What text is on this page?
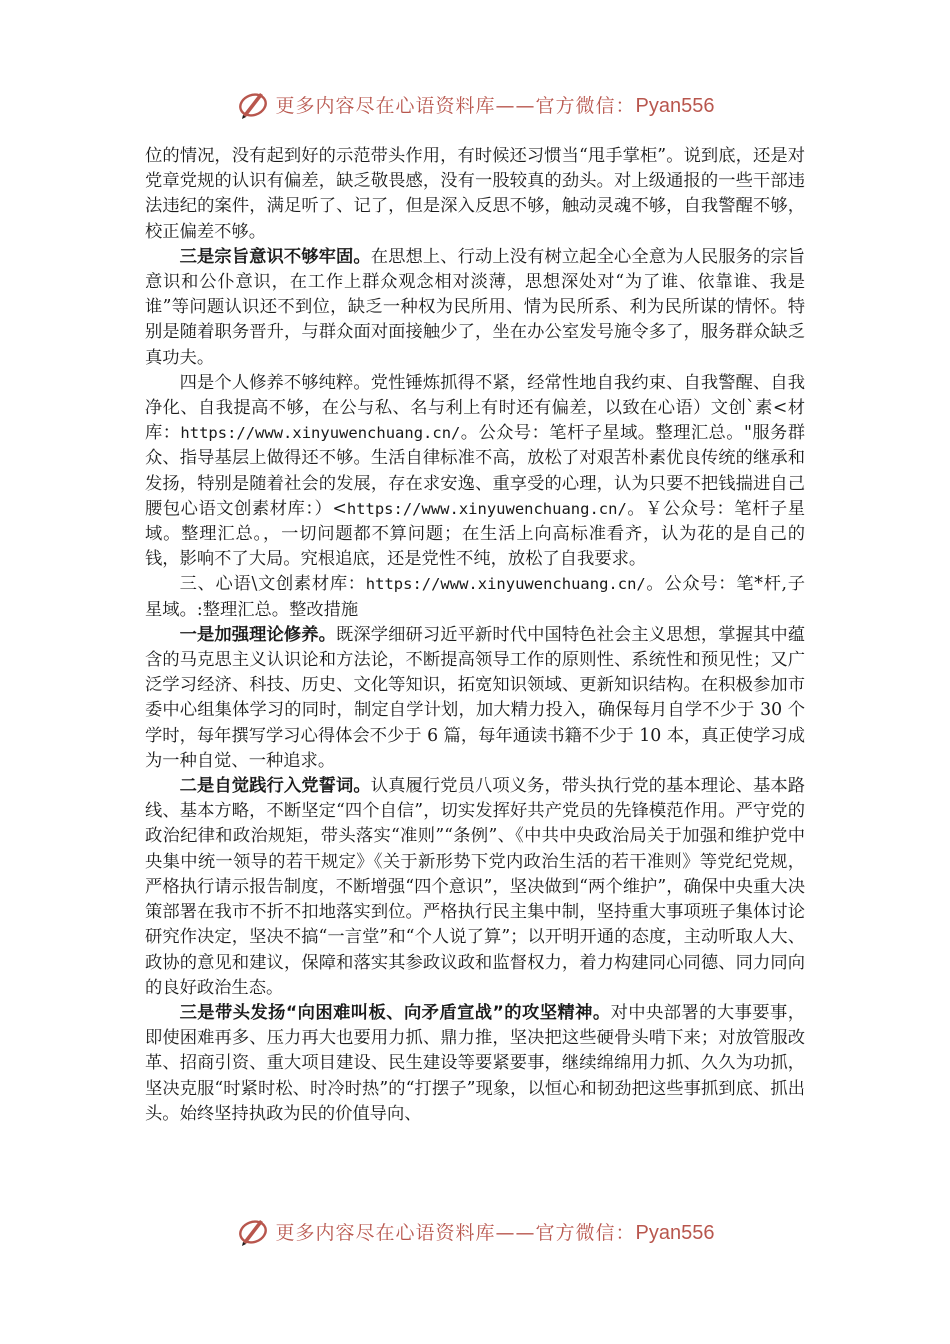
更多内容尽在心语资料库——官方微信：Pyan556

位的情况，没有起到好的示范带头作用，有时候还习惯当“甩手掌柜”。说到底，还是对党章党规的认识有偏差，缺乏敬畏感，没有一股较真的劲头。对上级通报的一些干部违法违纪的案件，满足听了、记了，但是深入反思不够，触动灵魂不够，自我警醒不够，校正偏差不够。

三是宗旨意识不够牢固。在思想上、行动上没有树立起全心全意为人民服务的宗旨意识和公仆意识，在工作上群众观念相对淡薄，思想深处对“为了谁、依靠谁、我是谁”等问题认识还不到位，缺乏一种权为民所用、情为民所系、利为民所谋的情怀。特别是随着职务晋升，与群众面对面接触少了，坐在办公室发号施令多了，服务群众缺乏真功夫。

四是个人修养不够纯粹。党性锤炼抓得不紧，经常性地自我约束、自我警醒、自我净化、自我提高不够，在公与私、名与利上有时还有偏差，以致在心语）文创`素<材库：https://www.xinyuwenchuang.cn/。公众号：笔杆子星域。整理汇总。"服务群众、指导基层上做得还不够。生活自律标准不高，放松了对艰苦朴素优良传统的继承和发扬，特别是随着社会的发展，存在求安逸、重享受的心理，认为只要不把钱揣进自己腰包心语文创素材库：）<https://www.xinyuwenchuang.cn/。￥公众号：笔杆子星域。整理汇总。，一切问题都不算问题；在生活上向高标准看齐，认为花的是自己的钱，影响不了大局。究根追底，还是党性不纯，放松了自我要求。

三、心语\文创素材库：https://www.xinyuwenchuang.cn/。公众号：笔*杆,子星域。:整理汇总。整改措施

一是加强理论修养。既深学细研习近平新时代中国特色社会主义思想，掌握其中蕴含的马克思主义认识论和方法论，不断提高领导工作的原则性、系统性和预见性；又广泛学习经济、科技、历史、文化等知识，拓宽知识领域、更新知识结构。在积极参加市委中心组集体学习的同时，制定自学计划，加大精力投入，确保每月自学不少于 30 个学时，每年撰写学习心得体会不少于 6 篇，每年通读书籍不少于 10 本，真正使学习成为一种自觉、一种追求。

二是自觉践行入党誓词。认真履行党员八项义务，带头执行党的基本理论、基本路线、基本方略，不断坚定“四个自信”，切实发挥好共产党员的先锋模范作用。严守党的政治纪律和政治规矩，带头落实“准则”“条例”、《中共中央政治局关于加强和维护党中央集中统一领导的若干规定》《关于新形势下党内政治生活的若干准则》等党纪党规，严格执行请示报告制度，不断增强“四个意识”，坚决做到“两个维护”，确保中央重大决策部署在我市不折不扣地落实到位。严格执行民主集中制，坚持重大事项班子集体讨论研究作决定，坚决不搞“一言堂”和“个人说了算”；以开明开通的态度，主动听取人大、政协的意见和建议，保障和落实其参政议政和监督权力，着力构建同心同德、同力同向的良好政治生态。

三是带头发扬“向困难叫板、向矛盾宣战”的攻坚精神。对中央部署的大事要事，即使困难再多、压力再大也要用力抓、鼎力推，坚决把这些硬骨头啃下来；对放管服改革、招商引资、重大项目建设、民生建设等要紧要事，继续绵绵用力抓、久久为功抓，坚决克服“时紧时松、时冷时热”的“打摆子”现象，以恒心和韧劲把这些事抓到底、抓出头。始终坚持执政为民的价值导向、

更多内容尽在心语资料库——官方微信：Pyan556
